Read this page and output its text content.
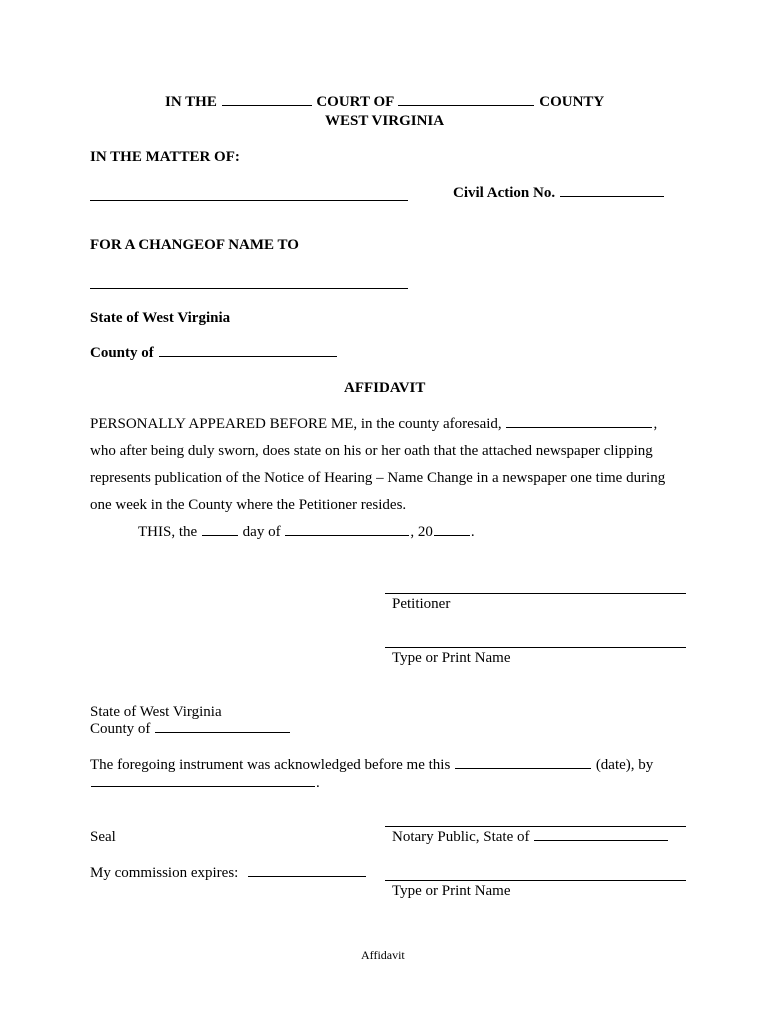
IN THE	COURT OF	COUNTY
WEST VIRGINIA
IN THE MATTER OF:
Civil Action No.
FOR A CHANGEOF NAME TO
State of West Virginia
County of
AFFIDAVIT
PERSONALLY APPEARED BEFORE ME, in the county aforesaid,	,
who after being duly sworn, does state on his or her oath that the attached newspaper clipping
represents publication of the Notice of Hearing – Name Change in a newspaper one time during
one week in the County where the Petitioner resides.
THIS, the	day of	, 20	.
Petitioner
Type or Print Name
State of West Virginia
County of
The foregoing instrument was acknowledged before me this	(date), by
.
Seal	Notary Public, State of
My commission expires:
Type or Print Name
Affidavit
